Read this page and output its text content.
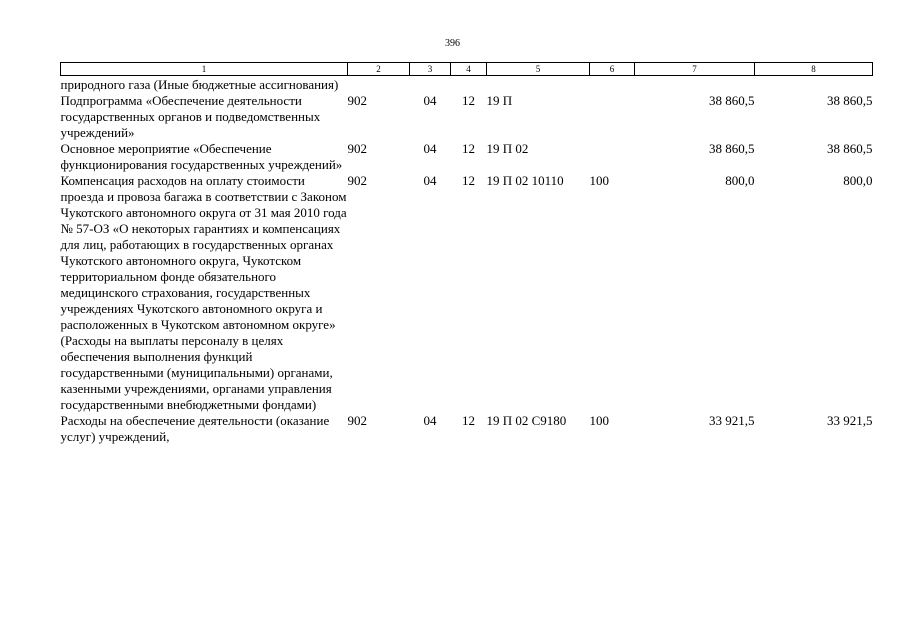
396
1	2	3	4	5	6	7	8
природного газа (Иные бюджетные ассигнования)							
Подпрограмма «Обеспечение деятельности государственных органов и подведомственных учреждений»	902	04	12	19 П		38 860,5	38 860,5
Основное мероприятие «Обеспечение функционирования государственных учреждений»	902	04	12	19 П 02		38 860,5	38 860,5
Компенсация расходов на оплату стоимости проезда и провоза багажа в соответствии с Законом Чукотского автономного округа от 31 мая 2010 года № 57-ОЗ «О некоторых гарантиях и компенсациях для лиц, работающих в государственных органах Чукотского автономного округа, Чукотском территориальном фонде обязательного медицинского страхования, государственных учреждениях Чукотского автономного округа и расположенных в Чукотском автономном округе» (Расходы на выплаты персоналу в целях обеспечения выполнения функций государственными (муниципальными) органами, казенными учреждениями, органами управления государственными внебюджетными фондами)	902	04	12	19 П 02 10110	100	800,0	800,0
Расходы на обеспечение деятельности (оказание услуг) учреждений,	902	04	12	19 П 02 С9180	100	33 921,5	33 921,5
